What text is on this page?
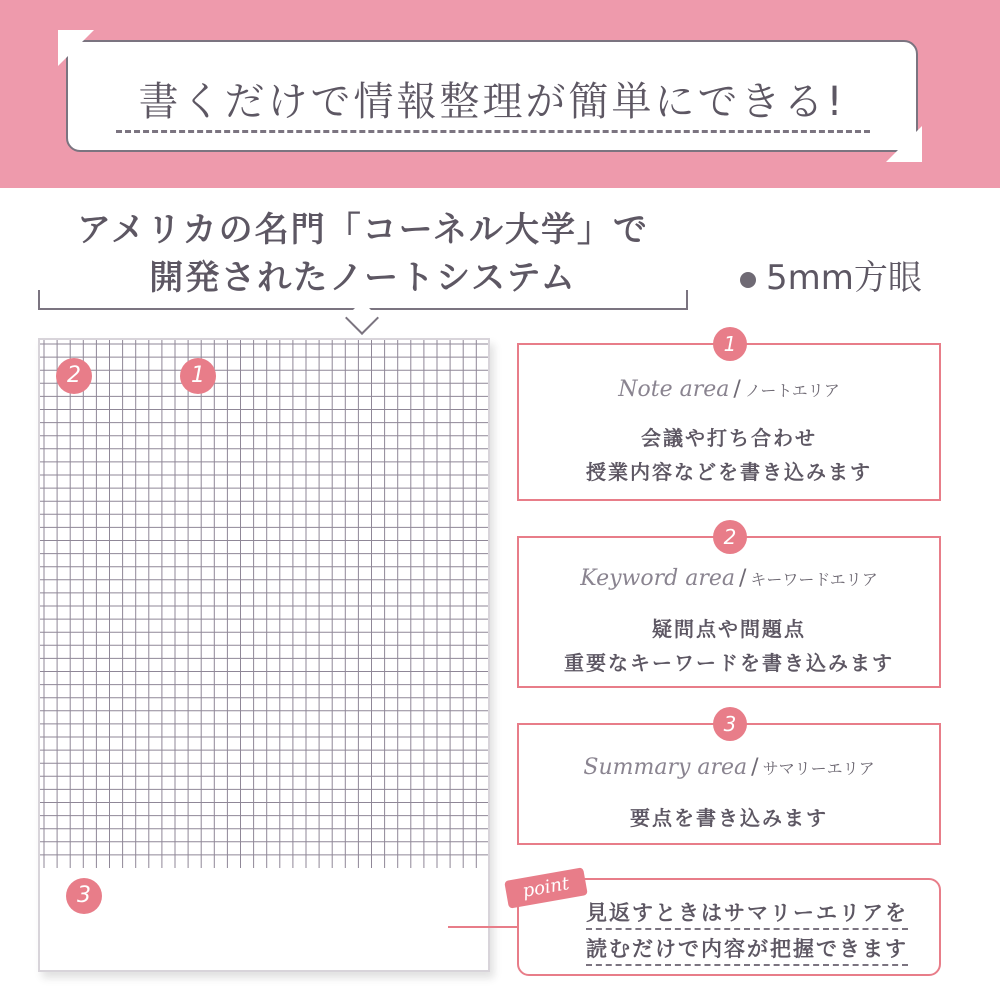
書くだけで情報整理が簡単にできる!
アメリカの名門「コーネル大学」で
開発されたノートシステム	5mm方眼
2	1
3
1
Note area / ノートエリア
会議や打ち合わせ
授業内容などを書き込みます
2
Keyword area / キーワードエリア
疑問点や問題点
重要なキーワードを書き込みます
3
Summary area / サマリーエリア
要点を書き込みます
見返すときはサマリーエリアを
読むだけで内容が把握できます
point
